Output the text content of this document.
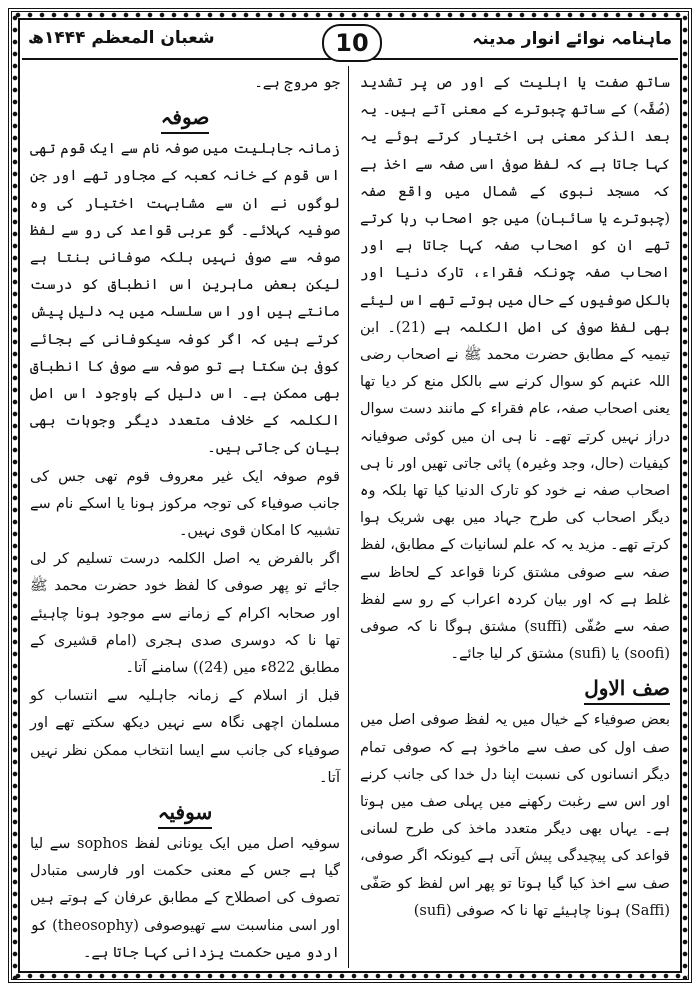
ماہنامہ نوائے انوار مدینہ
شعبان المعظم ۱۴۴۴ھ	10

ساتھ صفت یا اہلیت کے اور ص پر تشدید (صُفَّہ) کے ساتھ چبوترے کے معنی آتے ہیں۔ یہ بعد الذکر معنی ہی اختیار کرتے ہوئے یہ کہا جاتا ہے کہ لفظ صوفی اسی صفہ سے اخذ ہے کہ مسجد نبوی کے شمال میں واقع صفہ (چبوترے یا سائبان) میں جو اصحاب رہا کرتے تھے ان کو اصحاب صفہ کہا جاتا ہے اور اصحاب صفہ چونکہ فقراء، تارک دنیا اور بالکل صوفیوں کے حال میں ہوتے تھے اس لیئے بھی لفظ صوفی کی اصل الکلمہ ہے (21)۔ ابن تیمیہ کے مطابق حضرت محمد ﷺ نے اصحاب رضی اللہ عنہم کو سوال کرنے سے بالکل منع کر دیا تھا یعنی اصحاب صفہ، عام فقراء کے مانند دست سوال دراز نہیں کرتے تھے۔ نا ہی ان میں کوئی صوفیانہ کیفیات (حال، وجد وغیرہ) پائی جاتی تھیں اور نا ہی اصحاب صفہ نے خود کو تارک الدنیا کیا تھا بلکہ وہ دیگر اصحاب کی طرح جہاد میں بھی شریک ہوا کرتے تھے۔ مزید یہ کہ علم لسانیات کے مطابق، لفظ صفہ سے صوفی مشتق کرنا قواعد کے لحاظ سے غلط ہے کہ اور بیان کردہ اعراب کے رو سے لفظ صفہ سے صُفّی (suffi) مشتق ہوگا نا کہ صوفی (soofi) یا (sufi) مشتق کر لیا جائے۔

صف الاول

بعض صوفیاء کے خیال میں یہ لفظ صوفی اصل میں صف اول کی صف سے ماخوذ ہے کہ صوفی تمام دیگر انسانوں کی نسبت اپنا دل خدا کی جانب کرنے اور اس سے رغبت رکھنے میں پہلی صف میں ہوتا ہے۔ یہاں بھی دیگر متعدد ماخذ کی طرح لسانی قواعد کی پیچیدگی پیش آتی ہے کیونکہ اگر صوفی، صف سے اخذ کیا گیا ہوتا تو پھر اس لفظ کو صَفّی (Saffi) ہونا چاہیئے تھا نا کہ صوفی (sufi)

جو مروج ہے۔

صوفہ

زمانہ جاہلیت میں صوفہ نام سے ایک قوم تھی اس قوم کے خانہ کعبہ کے مجاور تھے اور جن لوگوں نے ان سے مشابہت اختیار کی وہ صوفیہ کہلائے۔ گو عربی قواعد کی رو سے لفظ صوفہ سے صوفی نہیں بلکہ صوفانی بنتا ہے لیکن بعض ماہرین اس انطباق کو درست مانتے ہیں اور اس سلسلہ میں یہ دلیل پیش کرتے ہیں کہ اگر کوفہ سیکوفانی کے بجائے کوفی بن سکتا ہے تو صوفہ سے صوفی کا انطباق بھی ممکن ہے۔ اس دلیل کے باوجود اس اصل الکلمہ کے خلاف متعدد دیگر وجوہات بھی بیان کی جاتی ہیں۔

قوم صوفہ ایک غیر معروف قوم تھی جس کی جانب صوفیاء کی توجہ مرکوز ہونا یا اسکے نام سے تشبیہ کا امکان قوی نہیں۔

اگر بالفرض یہ اصل الکلمہ درست تسلیم کر لی جائے تو پھر صوفی کا لفظ خود حضرت محمد ﷺ اور صحابہ اکرام کے زمانے سے موجود ہونا چاہیئے تھا نا کہ دوسری صدی ہجری (امام قشیری کے مطابق 822ء میں (24)) سامنے آتا۔

قبل از اسلام کے زمانہ جاہلیہ سے انتساب کو مسلمان اچھی نگاہ سے نہیں دیکھ سکتے تھے اور صوفیاء کی جانب سے ایسا انتخاب ممکن نظر نہیں آتا۔

سوفیہ

سوفیہ اصل میں ایک یونانی لفظ sophos سے لیا گیا ہے جس کے معنی حکمت اور فارسی متبادل تصوف کی اصطلاح کے مطابق عرفان کے ہوتے ہیں اور اسی مناسبت سے تھیوصوفی (theosophy) کو اردو میں حکمت یزدانی کہا جاتا ہے۔
